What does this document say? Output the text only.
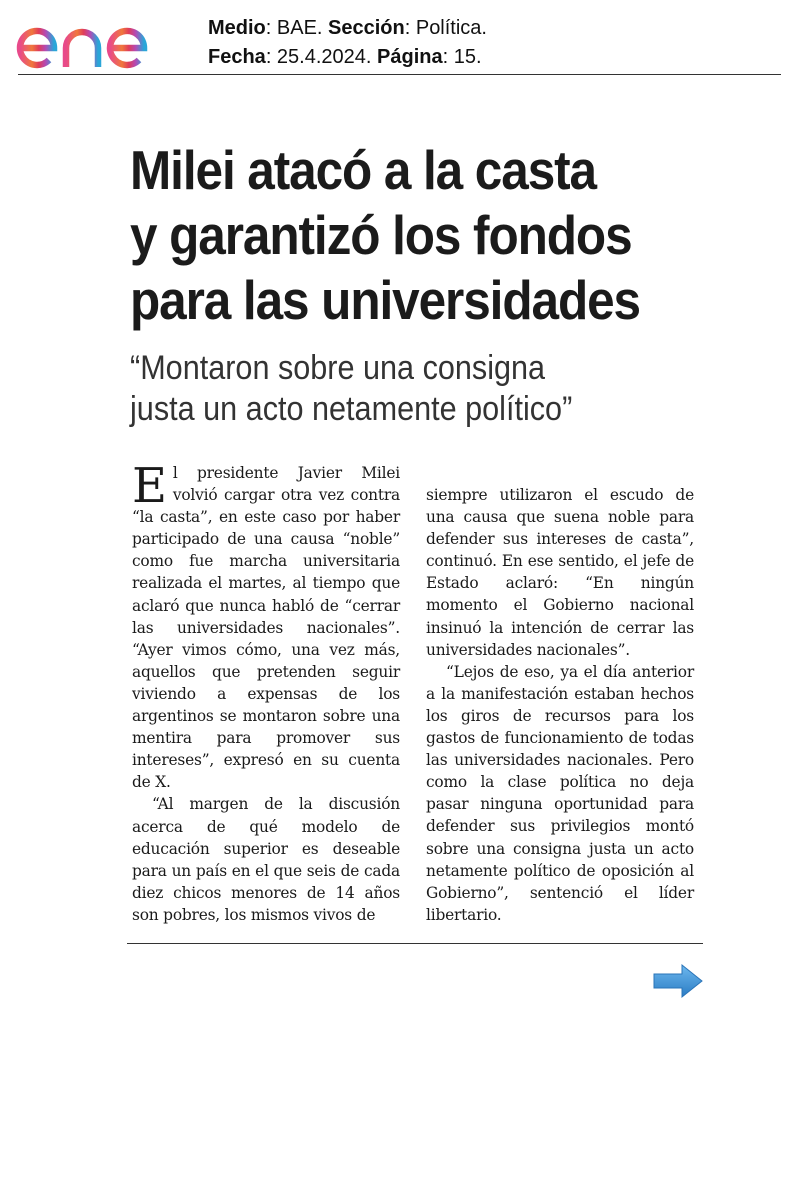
enel
Medio: BAE. Sección: Política.
Fecha: 25.4.2024. Página: 15.
Milei atacó a la casta
y garantizó los fondos
para las universidades
“Montaron sobre una consigna
justa un acto netamente político”

El presidente Javier Milei volvió cargar otra vez contra “la casta”, en este caso por haber participado de una causa “noble” como fue marcha universitaria realizada el martes, al tiempo que aclaró que nunca habló de “cerrar las universidades nacionales”. “Ayer vimos cómo, una vez más, aquellos que pretenden seguir viviendo a expensas de los argentinos se montaron sobre una mentira para promover sus intereses”, expresó en su cuenta de X.

“Al margen de la discusión acerca de qué modelo de educación superior es deseable para un país en el que seis de cada diez chicos menores de 14 años son pobres, los mismos vivos de

siempre utilizaron el escudo de una causa que suena noble para defender sus intereses de casta”, continuó. En ese sentido, el jefe de Estado aclaró: “En ningún momento el Gobierno nacional insinuó la intención de cerrar las universidades nacionales”.

“Lejos de eso, ya el día anterior a la manifestación estaban hechos los giros de recursos para los gastos de funcionamiento de todas las universidades nacionales. Pero como la clase política no deja pasar ninguna oportunidad para defender sus privilegios montó sobre una consigna justa un acto netamente político de oposición al Gobierno”, sentenció el líder libertario.
